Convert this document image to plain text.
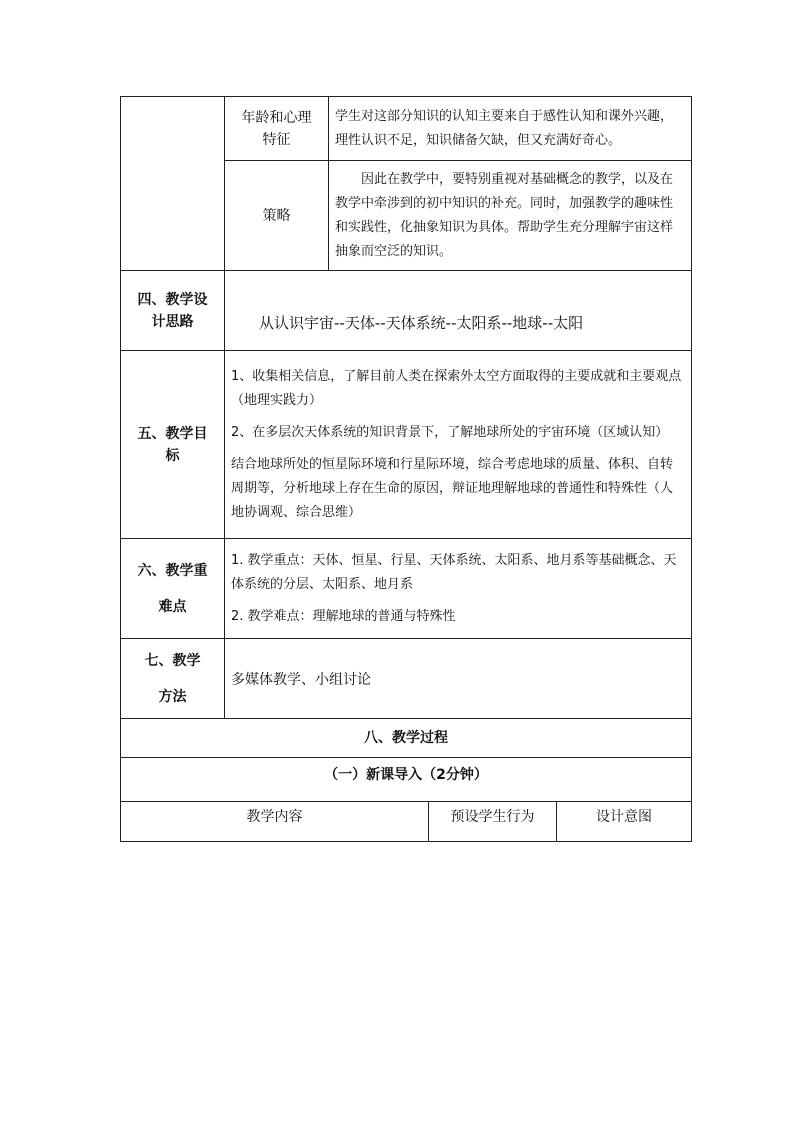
	年龄和心理特征	学生对这部分知识的认知主要来自于感性认知和课外兴趣，理性认识不足，知识储备欠缺，但又充满好奇心。		

	策略	因此在教学中，要特别重视对基础概念的教学，以及在教学中牵涉到的初中知识的补充。同时，加强教学的趣味性和实践性，化抽象知识为具体。帮助学生充分理解宇宙这样抽象而空泛的知识。		

四、教学设计思路	从认识宇宙--天体--天体系统--太阳系--地球--太阳			
五、教学目标	1、收集相关信息，了解目前人类在探索外太空方面取得的主要成就和主要观点（地理实践力）

2、在多层次天体系统的知识背景下，了解地球所处的宇宙环境（区域认知）

结合地球所处的恒星际环境和行星际环境，综合考虑地球的质量、体积、自转周期等，分析地球上存在生命的原因，辩证地理解地球的普通性和特殊性（人地协调观、综合思维）			

六、教学重难点	1. 教学重点：天体、恒星、行星、天体系统、太阳系、地月系等基础概念、天体系统的分层、太阳系、地月系

2. 教学难点：理解地球的普通与特殊性			

七、教学方法	多媒体教学、小组讨论			
八、教学过程				
（一）新课导入（2分钟）				
教学内容			预设学生行为	设计意图
